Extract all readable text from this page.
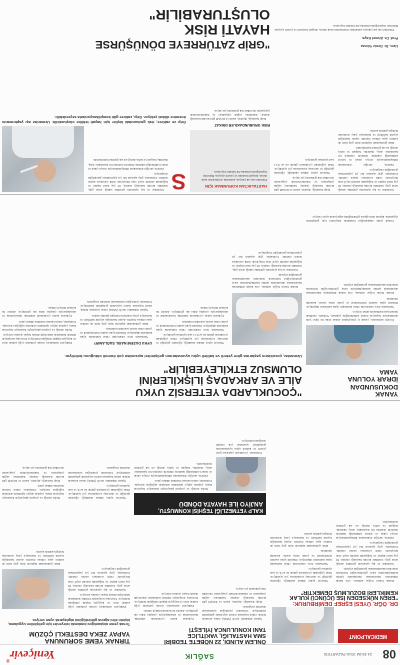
08
24 EKİM 2016 PAZARTESİ
SAĞLIK
Yeniçevir®
MEDICALPOINT
DR. ÖĞR. ÜYESİ EŞREF DEMİRBURUK:
"EREN NÜKSEDEN İSE ÜÇÜNCÜ KULAK
KEMİKLERİ BOZULMUŞ DEMEKTİR"

Kulak burun boğaz uzmanı, orta kulak iltihabının tekrarlaması durumunda işitme kemikçiklerinin zarar görebileceğini belirterek tedavinin aksatılmaması gerektiğini söyledi.

Sonbahar ve kış aylarında görülme sıklığı artan grip, özellikle kronik hastalığı olanlar, 65 yaş üzeri kişiler ve bağışıklık sistemi zayıf olan bireylerde ciddi sorunlara neden olabilir. Uzmanlar, grip aşısının her yıl yaptırılması gerektiğini vurguluyor.

Zatürre, akciğer dokusunun iltihaplanmasıyla ortaya çıkan ve tedavi edilmediği takdirde ölümcül olabilen bir hastalıktır. Ateş, öksürük, balgam ve nefes darlığı en sık görülen belirtileridir.

Yetersiz uyku; dikkat eksikliği, öğrenme güçlüğü ve davranış sorunlarına yol açabiliyor. Okul çağındaki çocukların günde en az 9-11 saat uyuması gerekiyor.

Yatmadan önce elektronik cihaz kullanımı uyku kalitesini düşürüyor. Düzenli uyku saatleri belirlenmeli ve yatak odası sessiz, karanlık tutulmalı.

Risk grubundaki kişilerin hem grip hem de zatürre aşısı olması önerilir. Aşılar hastalığın seyrini hafifletir ve hastaneye yatış oranlarını belirgin şekilde azaltır.

ÖNLEM ALINDI, 22 NÖBETE TEDBİRİ
SMA HASTALIĞI, VAKİTLİCE
TANI KONULUNCA İYİLEŞTİ

Spinal müsküler atrofi (SMA) tanısı konulan bebek, erken başlanan tedavi sayesinde gelişimini sürdürüyor. Uzmanlar yenidoğan taramasının önemini vurguladı.

Kalp hastalığı, diyabet, astım ve KOAH gibi kronik hastalığı olanlar; hamileler, sağlık çalışanları ve bakımevlerinde yaşayanlar öncelikli risk grubunda yer alıyor.

Uykusuz kalan çocuklarda sinirlilik, huzursuzluk ve arkadaşlarıyla çatışma daha sık görülüyor. Aileler bu konuda bilinçli olmalı.

Psikiyatri uzmanları, tırnak yemenin çoğu zaman stres ve kaygıyla ilişkili olduğunu belirtiyor. Davranış terapisiyle birlikte kullanılan teknolojik destek başarı oranını artırıyor.

KALP YETMEZLİĞİ TEŞHİSİ KONMUŞTU,
ANJİYO İLE HAYATA DÖNDÜ

Nefes darlığı ve çarpıntı şikayetiyle hastaneye başvuran hasta, yapılan anjiyo işleminin ardından sağlığına kavuştu. Uzmanlar, erken tanının önemine dikkat çekti.

Zatürre, akciğer dokusunun iltihaplanmasıyla ortaya çıkan ve tedavi edilmediği takdirde ölümcül olabilen bir hastalıktır. Ateş, öksürük, balgam ve nefes darlığı en sık görülen belirtileridir.

Uzmanlar, çocukların yaşlarına göre yeterli ve kaliteli uyku uyumalarının gelişimleri açısından çok önemli olduğunu belirtiyor.

TIRNAK YEME SORUNUNA
YAPAY ZEKA DESTEKLİ ÇÖZÜM
Tırnak yeme alışkanlığını bırakmak isteyenler için geliştirilen uygulama, kişinin elini ağzına götürdüğünü algılayarak uyarı veriyor.

Psikiyatri uzmanları, tırnak yemenin çoğu zaman stres ve kaygıyla ilişkili olduğunu belirtiyor. Davranış terapisiyle birlikte kullanılan teknolojik destek başarı oranını artırıyor.

Sonbahar ve kış aylarında görülme sıklığı artan grip, özellikle kronik hastalığı olanlar, 65 yaş üzeri kişiler ve bağışıklık sistemi zayıf olan bireylerde ciddi sorunlara neden olabilir. Uzmanlar, grip aşısının her yıl yaptırılması gerektiğini vurguluyor.

Risk grubundaki kişilerin hem grip hem de zatürre aşısı olması önerilir. Aşılar hastalığın seyrini hafifletir ve hastaneye yatış oranlarını belirgin şekilde azaltır.

Yetersiz uyku; dikkat eksikliği, öğrenme güçlüğü ve davranış sorunlarına yol açabiliyor. Okul çağındaki çocukların günde en az 9-11 saat uyuması gerekiyor.

Spinal müsküler atrofi (SMA) tanısı konulan bebek, erken başlanan tedavi sayesinde gelişimini sürdürüyor. Uzmanlar yenidoğan taramasının önemini vurguladı.

Nefes darlığı ve çarpıntı şikayetiyle hastaneye başvuran hasta, yapılan anjiyo işleminin ardından sağlığına kavuştu. Uzmanlar, erken tanının önemine dikkat çekti.

Kalp hastalığı, diyabet, astım ve KOAH gibi kronik hastalığı olanlar; hamileler, sağlık çalışanları ve bakımevlerinde yaşayanlar öncelikli risk grubunda yer alıyor.

YANAK
DOKUSUNDAN
İDRAR YOLUNA
YAMA

Üroloji uzmanları, yanak iç yüzeyinden alınan doku ile idrar yolu darlıklarının başarıyla tedavi edilebildiğini açıkladı. Yöntem, özellikle tekrarlayan darlıklarda umut veriyor.

Yatmadan önce elektronik cihaz kullanımı uyku kalitesini düşürüyor. Düzenli uyku saatleri belirlenmeli ve yatak odası sessiz, karanlık tutulmalı.

Kulak burun boğaz uzmanı, orta kulak iltihabının tekrarlaması durumunda işitme kemikçiklerinin zarar görebileceğini belirterek tedavinin aksatılmaması gerektiğini söyledi.

"ÇOCUKLARDA YETERSİZ UYKU
AİLE VE ARKADAŞ İLİŞKİLERİNİ
OLUMSUZ ETKİLEYEBİLİR"
Uzmanlar, çocukların yaşlarına göre yeterli ve kaliteli uyku uyumalarının gelişimleri açısından çok önemli olduğunu belirtiyor.

Yetersiz uyku; dikkat eksikliği, öğrenme güçlüğü ve davranış sorunlarına yol açabiliyor. Okul çağındaki çocukların günde en az 9-11 saat uyuması gerekiyor.

Yatmadan önce elektronik cihaz kullanımı uyku kalitesini düşürüyor. Düzenli uyku saatleri belirlenmeli ve yatak odası sessiz, karanlık tutulmalı.

Uykusuz kalan çocuklarda sinirlilik, huzursuzluk ve arkadaşlarıyla çatışma daha sık görülüyor. Aileler bu konuda bilinçli olmalı.

UYKU DÜZENİ NASIL SAĞLANIR?

Yatmadan önce elektronik cihaz kullanımı uyku kalitesini düşürüyor. Düzenli uyku saatleri belirlenmeli ve yatak odası sessiz, karanlık tutulmalı.

Risk grubundaki kişilerin hem grip hem de zatürre aşısı olması önerilir. Aşılar hastalığın seyrini hafifletir ve hastaneye yatış oranlarını belirgin şekilde azaltır.

Spinal müsküler atrofi (SMA) tanısı konulan bebek, erken başlanan tedavi sayesinde gelişimini sürdürüyor. Uzmanlar yenidoğan taramasının önemini vurguladı.

Psikiyatri uzmanları, tırnak yemenin çoğu zaman stres ve kaygıyla ilişkili olduğunu belirtiyor. Davranış terapisiyle birlikte kullanılan teknolojik destek başarı oranını artırıyor.

Nefes darlığı ve çarpıntı şikayetiyle hastaneye başvuran hasta, yapılan anjiyo işleminin ardından sağlığına kavuştu. Uzmanlar, erken tanının önemine dikkat çekti.

Uykusuz kalan çocuklarda sinirlilik, huzursuzluk ve arkadaşlarıyla çatışma daha sık görülüyor. Aileler bu konuda bilinçli olmalı.

Kulak burun boğaz uzmanı, orta kulak iltihabının tekrarlaması durumunda işitme kemikçiklerinin zarar görebileceğini belirterek tedavinin aksatılmaması gerektiğini söyledi.

Sonbahar ve kış aylarında görülme sıklığı artan grip, özellikle kronik hastalığı olanlar, 65 yaş üzeri kişiler ve bağışıklık sistemi zayıf olan bireylerde ciddi sorunlara neden olabilir. Uzmanlar, grip aşısının her yıl yaptırılması gerektiğini vurguluyor.

Tırnak yeme alışkanlığını bırakmak isteyenler için geliştirilen uygulama, kişinin elini ağzına götürdüğünü algılayarak uyarı veriyor.

Sonbahar ve kış aylarında görülme sıklığı artan grip, özellikle kronik hastalığı olanlar, 65 yaş üzeri kişiler ve bağışıklık sistemi zayıf olan bireylerde ciddi sorunlara neden olabilir. Uzmanlar, grip aşısının her yıl yaptırılması gerektiğini vurguluyor.

Zatürre, akciğer dokusunun iltihaplanmasıyla ortaya çıkan ve tedavi edilmediği takdirde ölümcül olabilen bir hastalıktır. Ateş, öksürük, balgam ve nefes darlığı en sık görülen belirtileridir.

Risk grubundaki kişilerin hem grip hem de zatürre aşısı olması önerilir. Aşılar hastalığın seyrini hafifletir ve hastaneye yatış oranlarını belirgin şekilde azaltır.

Kalp hastalığı, diyabet, astım ve KOAH gibi kronik hastalığı olanlar; hamileler, sağlık çalışanları ve bakımevlerinde yaşayanlar öncelikli risk grubunda yer alıyor.

Yetersiz uyku; dikkat eksikliği, öğrenme güçlüğü ve davranış sorunlarına yol açabiliyor. Okul çağındaki çocukların günde en az 9-11 saat uyuması gerekiyor.

HASTALIKTAN KORUNMAK İÇİN
Ellerinizi sık sık yıkayın, kalabalık ortamlardan uzak durun, dengeli beslenin ve yeterli uyuyun. Belirtiler başladığında mutlaka bir hekime başvurun.
RİSK GRUBUNDAKİLER DİKKAT

Kalp hastalığı, diyabet, astım ve KOAH gibi kronik hastalığı olanlar; hamileler, sağlık çalışanları ve bakımevlerinde yaşayanlar öncelikli risk grubunda yer alıyor.

S

Sonbahar ve kış aylarında görülme sıklığı artan grip, özellikle kronik hastalığı olanlar, 65 yaş üzeri kişiler ve bağışıklık sistemi zayıf olan bireylerde ciddi sorunlara neden olabilir. Uzmanlar, grip aşısının her yıl yaptırılması gerektiğini vurguluyor.

Zatürre, akciğer dokusunun iltihaplanmasıyla ortaya çıkan ve tedavi edilmediği takdirde ölümcül olabilen bir hastalıktır. Ateş, öksürük, balgam ve nefes darlığı en sık görülen belirtileridir.

Grip ve zatürre, risk grubundaki kişiler için hayati tehlike oluşturabilir. Uzmanlar aşı yaptırmanın önemine dikkat çekiyor. Grip, zatürre gibi komplikasyonlarla seyredebilir.
"GRİP ZATÜRREYE DÖNÜŞÜRSE
HAYATİ RİSK
OLUŞTURABİLİR"
Uzm. Dr. Deniz Yılmaz
Prof. Dr. Ahmet Kaya

Ellerinizi sık sık yıkayın, kalabalık ortamlardan uzak durun, dengeli beslenin ve yeterli uyuyun. Belirtiler başladığında mutlaka bir hekime başvurun.
